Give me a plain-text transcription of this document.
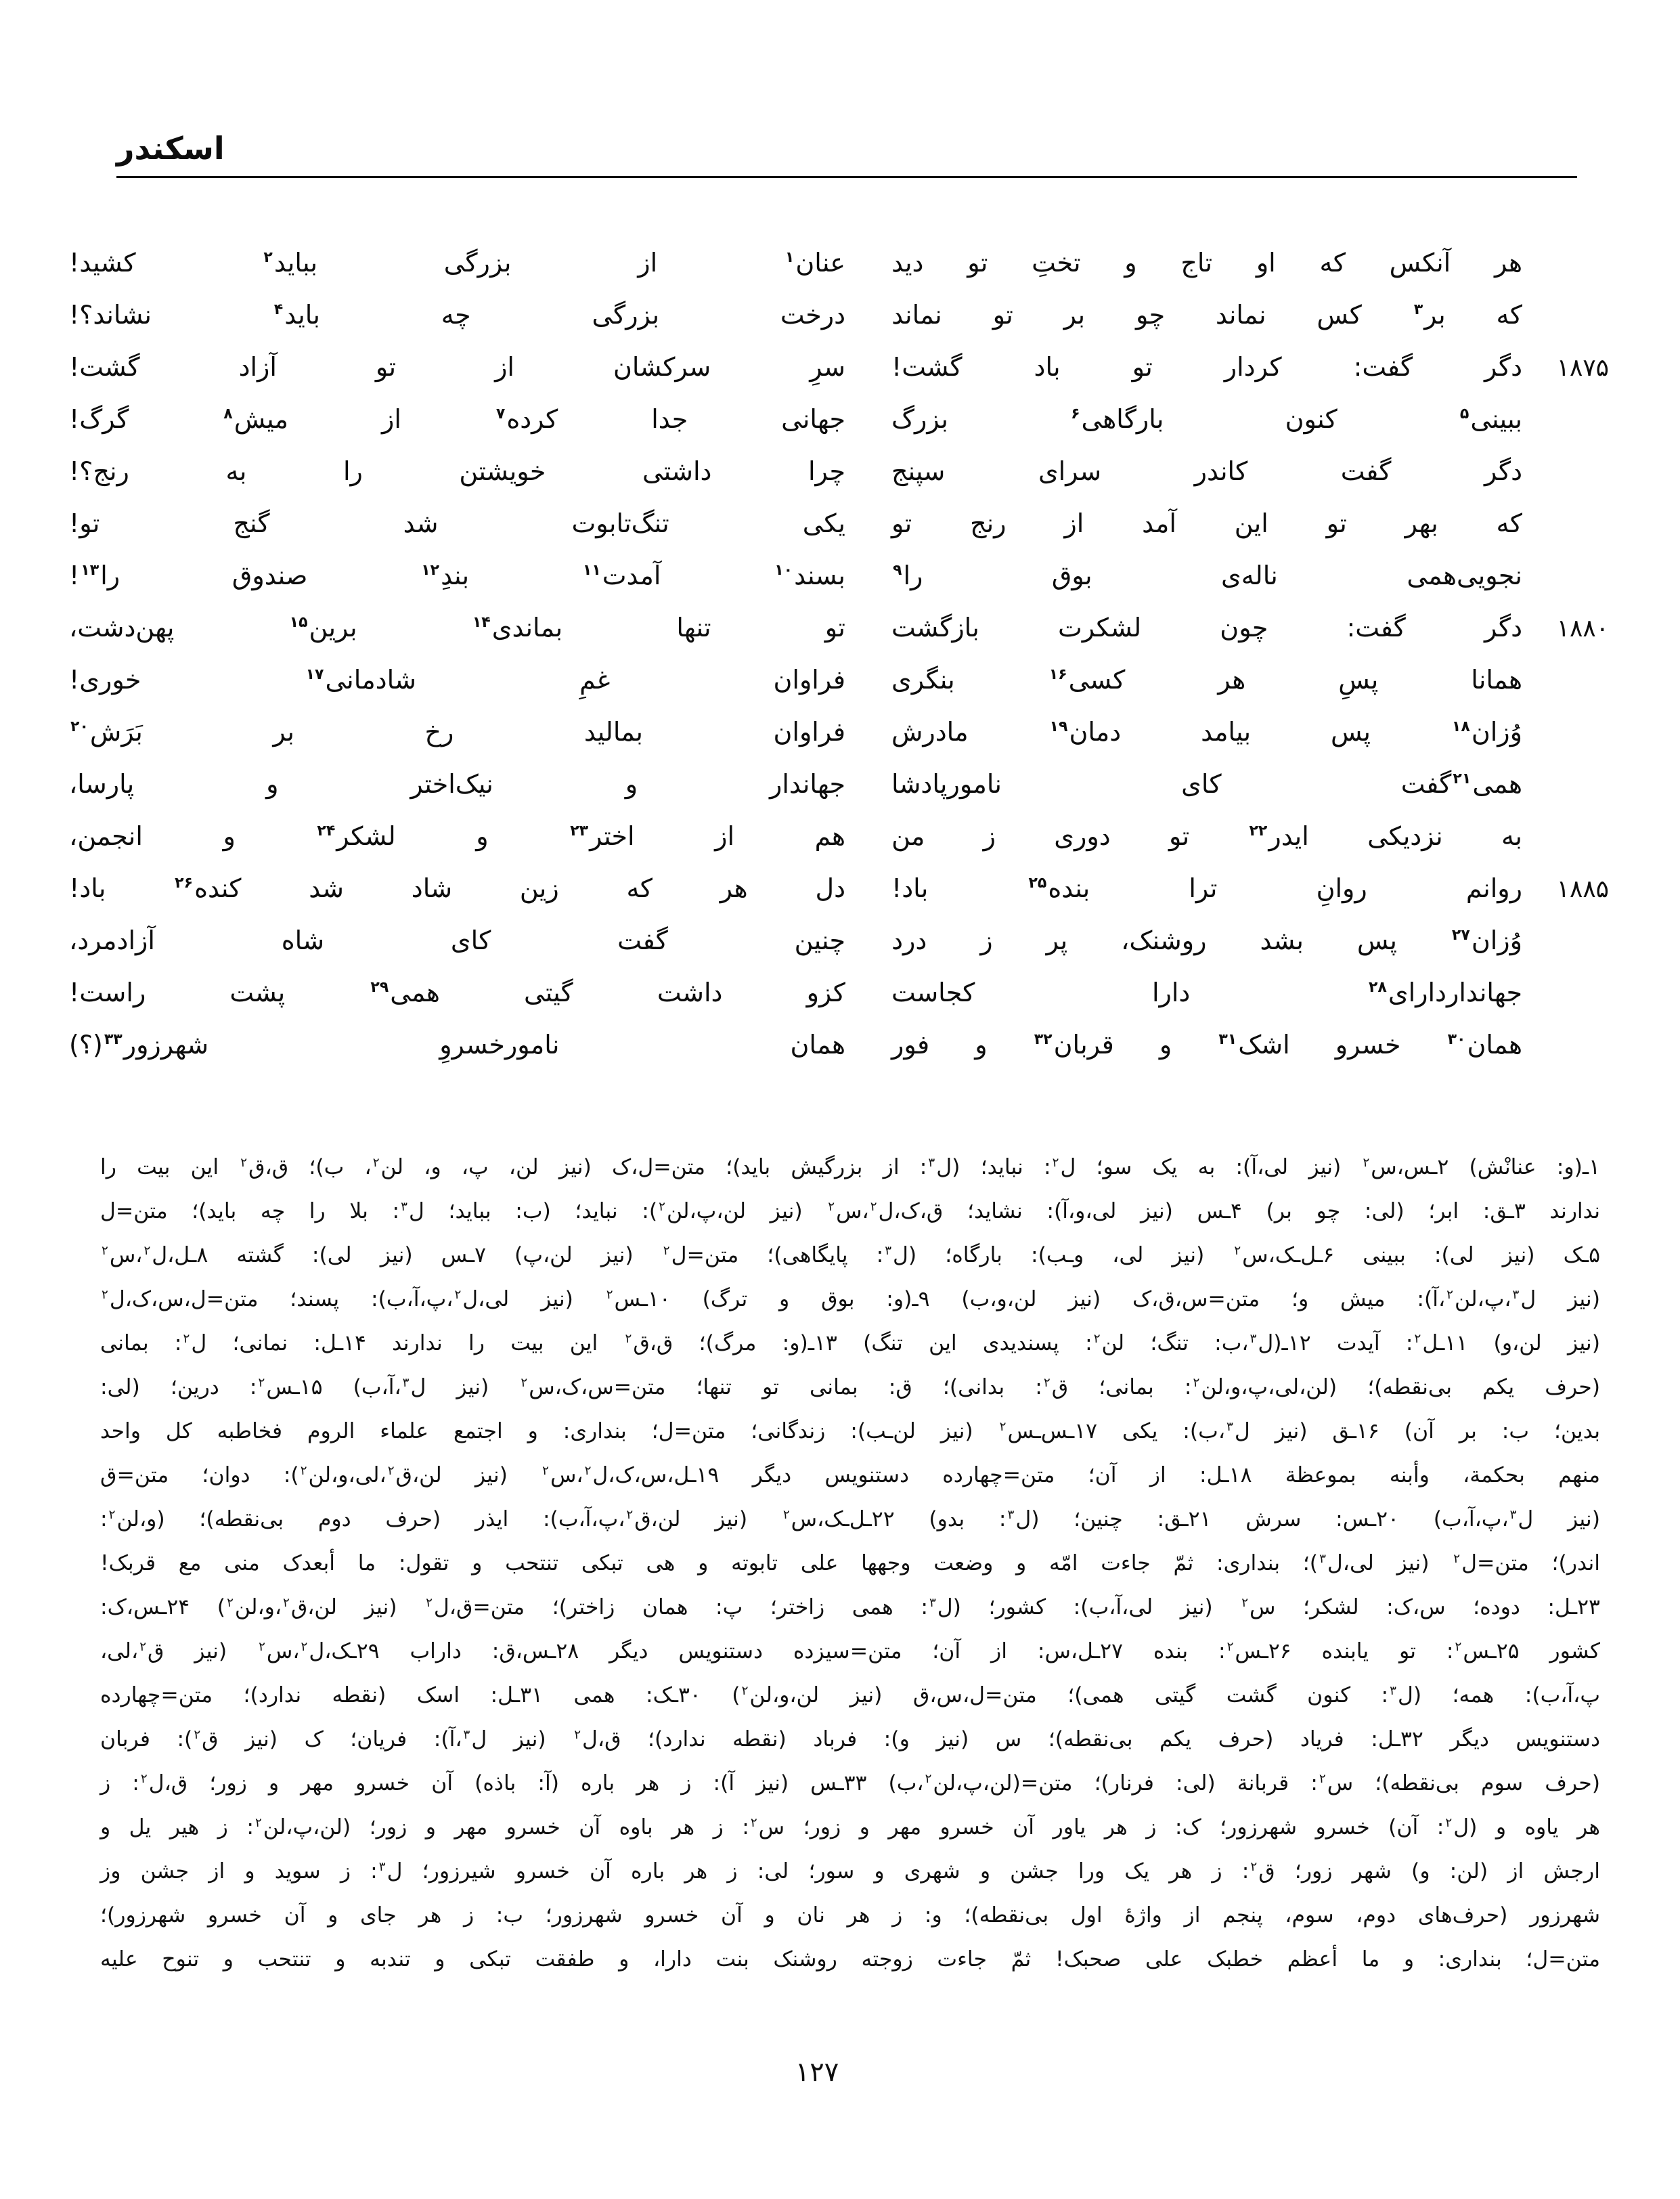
اسکندر
هر
آنکس
که
او
تاج
و
تختِ
تو
دید
عنان$^۱$
از
بزرگی
بباید$^۲$
کشید!
که
بر$^۳$
کس
نماند
چو
بر
تو
نماند
درخت
بزرگی
چه
باید$^۴$
نشاند؟!
۱۸۷۵
دگر
گفت:
کردار
تو
باد
گشت!
سرِ
سرکشان
از
تو
آزاد
گشت!
ببینی$^۵$
کنون
بارگاهی$^۶$
بزرگ
جهانی
جدا
کرده$^۷$
از
میش$^۸$
گرگ!
دگر
گفت
کاندر
سرای
سپنج
چرا
داشتی
خویشتن
را
به
رنج؟!
که
بهر
تو
این
آمد
از
رنج
تو
یکی
تنگ‌تابوت
شد
گنج
تو!
نجویی‌همی
ناله‌ی
بوق
را$^۹$
بسند$^{۱۰}$
آمدت$^{۱۱}$
بندِ$^{۱۲}$
صندوق
را$^{۱۳}$!
۱۸۸۰
دگر
گفت:
چون
لشکرت
بازگشت
تو
تنها
بماندی$^{۱۴}$
برین$^{۱۵}$
پهن‌دشت،
همانا
پسِ
هر
کسی$^{۱۶}$
بنگری
فراوان
غمِ
شادمانی$^{۱۷}$
خوری!
وُزان$^{۱۸}$
پس
بیامد
دمان$^{۱۹}$
مادرش
فراوان
بمالید
رخ
بر
بَرَش$^{۲۰}$
همی$^{۲۱}$گفت
کای
نامورپادشا
جهاندار
و
نیک‌اختر
و
پارسا،
به
نزدیکی
ایدر$^{۲۲}$
تو
دوری
ز
من
هم
از
اختر$^{۲۳}$
و
لشکر$^{۲۴}$
و
انجمن،
۱۸۸۵
روانم
روانِ
ترا
بنده$^{۲۵}$
باد!
دل
هر
که
زین
شاد
شد
کنده$^{۲۶}$
باد!
وُزان$^{۲۷}$
پس
بشد
روشنک،
پر
ز
درد
چنین
گفت
کای
شاه
آزادمرد،
جهانداردارای$^{۲۸}$
دارا
کجاست
کزو
داشت
گیتی
همی$^{۲۹}$
پشت
راست!
همان$^{۳۰}$
خسرو
اشک$^{۳۱}$
و
قربان$^{۳۲}$
و
فور
همان
نامورخسروِ
شهرزور$^{۳۳}$(؟)
۱ـ(و: عنانْش) ۲ـس،س$^۲$ (نیز لی،آ): به یک سو؛ ل$^۲$: نباید؛ (ل$^۳$: از بزرگیش باید)؛ متن=ل،ک (نیز لن، پ، و، لن$^۲$، ب)؛ ق،ق$^۲$ این بیت را
ندارند ۳ـق: ابر؛ (لی: چو بر) ۴ـس (نیز لی،و،آ): نشاید؛ ق،ک،ل$^۲$،س$^۲$ (نیز لن،پ،لن$^۲$): نباید؛ (ب: بباید؛ ل$^۳$: بلا را چه باید)؛ متن=ل
۵ـک (نیز لی): ببینی ۶ـل‌ـک،س$^۲$ (نیز لی، وـب): بارگاه؛ (ل$^۳$: پایگاهی)؛ متن=ل$^۲$ (نیز لن،پ) ۷ـس (نیز لی): گشته ۸ـل،ل$^۲$،س$^۲$
(نیز ل$^۳$،پ،لن$^۲$،آ): میش و؛ متن=س،ق،ک (نیز لن،و،ب) ۹ـ(و: بوق و ترگ) ۱۰ـس$^۲$ (نیز لی،ل$^۲$،پ،آ،ب): پسند؛ متن=ل،س،ک،ل$^۲$
(نیز لن،و) ۱۱ـل$^۲$: آیدت ۱۲ـ(ل$^۳$،ب: تنگ؛ لن$^۲$: پسندیدی این تنگ) ۱۳ـ(و: مرگ)؛ ق،ق$^۲$ این بیت را ندارند ۱۴ـل: نمانی؛ ل$^۲$: بمانی
(حرف یکم بی‌نقطه)؛ (لن،لی،پ،و،لن$^۲$: بمانی؛ ق$^۲$: بدانی)؛ ق: بمانی تو تنها؛ متن=س،ک،س$^۲$ (نیز ل$^۳$،آ،ب) ۱۵ـس$^۲$: درین؛ (لی:
بدین؛ ب: بر آن) ۱۶ـق (نیز ل$^۳$،ب): یکی ۱۷ـس‌ـس$^۲$ (نیز لن‌ـب): زندگانی؛ متن=ل؛ بنداری: و اجتمع علماء الروم فخاطبه کل واحد
منهم بحکمة، وأبنه بموعظة ۱۸ـل: از آن؛ متن=چهارده دستنویس دیگر ۱۹ـل،س،ک،ل$^۲$،س$^۲$ (نیز لن،ق$^۲$،لی،و،لن$^۲$): دوان؛ متن=ق
(نیز ل$^۳$،پ،آ،ب) ۲۰ـس: سرش ۲۱ـق: چنین؛ (ل$^۳$: بدو) ۲۲ـل‌ـک،س$^۲$ (نیز لن،ق$^۲$،پ،آ،ب): ایذر (حرف دوم بی‌نقطه)؛ (و،لن$^۲$:
اندر)؛ متن=ل$^۲$ (نیز لی،ل$^۳$)؛ بنداری: ثمّ جاءت امّه و وضعت وجهها علی تابوته و هی تبکی تنتحب و تقول: ما أبعدک منی مع قربک!
۲۳ـل: دوده؛ س،ک: لشکر؛ س$^۲$ (نیز لی،آ،ب): کشور؛ (ل$^۳$: همی زاختر؛ پ: همان زاختر)؛ متن=ق،ل$^۲$ (نیز لن،ق$^۲$،و،لن$^۲$) ۲۴ـس،ک:
کشور ۲۵ـس$^۲$: تو یابنده ۲۶ـس$^۲$: بنده ۲۷ـل،س: از آن؛ متن=سیزده دستنویس دیگر ۲۸ـس،ق: داراب ۲۹ـک،ل$^۲$،س$^۲$ (نیز ق$^۲$،لی،
پ،آ،ب): همه؛ (ل$^۳$: کنون گشت گیتی همی)؛ متن=ل،س،ق (نیز لن،و،لن$^۲$) ۳۰ـک: همی ۳۱ـل: اسک (نقطه ندارد)؛ متن=چهارده
دستنویس دیگر ۳۲ـل: فریاد (حرف یکم بی‌نقطه)؛ س (نیز و): فرباد (نقطه ندارد)؛ ق،ل$^۲$ (نیز ل$^۳$،آ): فریان؛ ک (نیز ق$^۲$): فربان
(حرف سوم بی‌نقطه)؛ س$^۲$: قربانة (لی: فرنار)؛ متن=(لن،پ،لن$^۲$،ب) ۳۳ـس (نیز آ): ز هر باره (آ: باذه) آن خسرو مهر و زور؛ ق،ل$^۲$: ز
هر یاوه و (ل$^۲$: آن) خسرو شهرزور؛ ک: ز هر یاور آن خسرو مهر و زور؛ س$^۲$: ز هر باوه آن خسرو مهر و زور؛ (لن،پ،لن$^۲$: ز هیر یل و
ارجش از (لن: و) شهر زور؛ ق$^۲$: ز هر یک ورا جشن و شهری و سور؛ لی: ز هر باره آن خسرو شیرزور؛ ل$^۳$: ز سوید و از جشن وز
شهرزور (حرف‌های دوم، سوم، پنجم از واژهٔ اول بی‌نقطه)؛ و: ز هر نان و آن خسرو شهرزور؛ ب: ز هر جای و آن خسرو شهرزور)؛
متن=ل؛ بنداری: و ما أعظم خطبک علی صحبک! ثمّ جاءت زوجته روشنک بنت دارا، و طفقت تبکی و تندبه و تنتحب و تنوح علیه
۱۲۷
